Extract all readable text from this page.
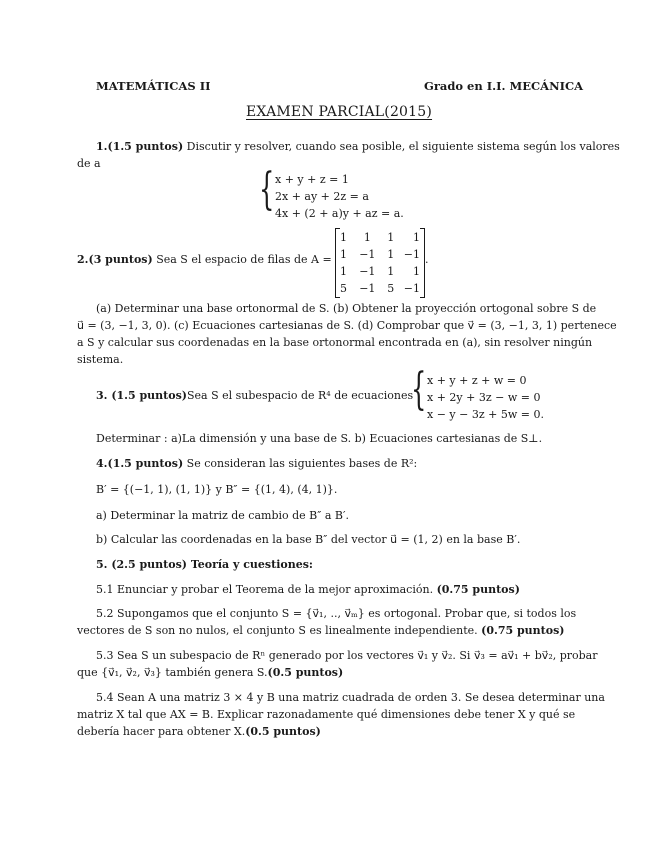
MATEMÁTICAS II	Grado en I.I. MECÁNICA
EXAMEN PARCIAL(2015)
1.(1.5 puntos) Discutir y resolver, cuando sea posible, el siguiente sistema según los valores
de a
{ x + y + z = 1
2x + ay + 2z = a
4x + (2 + a)y + az = a.
2.(3 puntos) Sea S el espacio de filas de A =
1	1	1	1
1	−1	1 −1
1	−1	1	1
5	−1	5 −1
.
(a) Determinar una base ortonormal de S. (b) Obtener la proyección ortogonal sobre S de
u⃗ = (3, −1, 3, 0). (c) Ecuaciones cartesianas de S. (d) Comprobar que v⃗ = (3, −1, 3, 1) pertenece
a S y calcular sus coordenadas en la base ortonormal encontrada en (a), sin resolver ningún
sistema.
3. (1.5 puntos)Sea S el subespacio de R⁴ de ecuaciones
{ x + y + z + w = 0
x + 2y + 3z − w = 0
x − y − 3z + 5w = 0.
Determinar : a)La dimensión y una base de S. b) Ecuaciones cartesianas de S⊥.
4.(1.5 puntos) Se consideran las siguientes bases de R²:
B′ = {(−1, 1), (1, 1)} y B″ = {(1, 4), (4, 1)}.
a) Determinar la matriz de cambio de B″ a B′.
b) Calcular las coordenadas en la base B″ del vector u⃗ = (1, 2) en la base B′.
5. (2.5 puntos) Teoría y cuestiones:
5.1 Enunciar y probar el Teorema de la mejor aproximación. (0.75 puntos)
5.2 Supongamos que el conjunto S = {v⃗₁, .., v⃗ₘ} es ortogonal. Probar que, si todos los
vectores de S son no nulos, el conjunto S es linealmente independiente. (0.75 puntos)
5.3 Sea S un subespacio de Rⁿ generado por los vectores v⃗₁ y v⃗₂. Si v⃗₃ = av⃗₁ + bv⃗₂, probar
que {v⃗₁, v⃗₂, v⃗₃} también genera S.(0.5 puntos)
5.4 Sean A una matriz 3 × 4 y B una matriz cuadrada de orden 3. Se desea determinar una
matriz X tal que AX = B. Explicar razonadamente qué dimensiones debe tener X y qué se
debería hacer para obtener X.(0.5 puntos)
